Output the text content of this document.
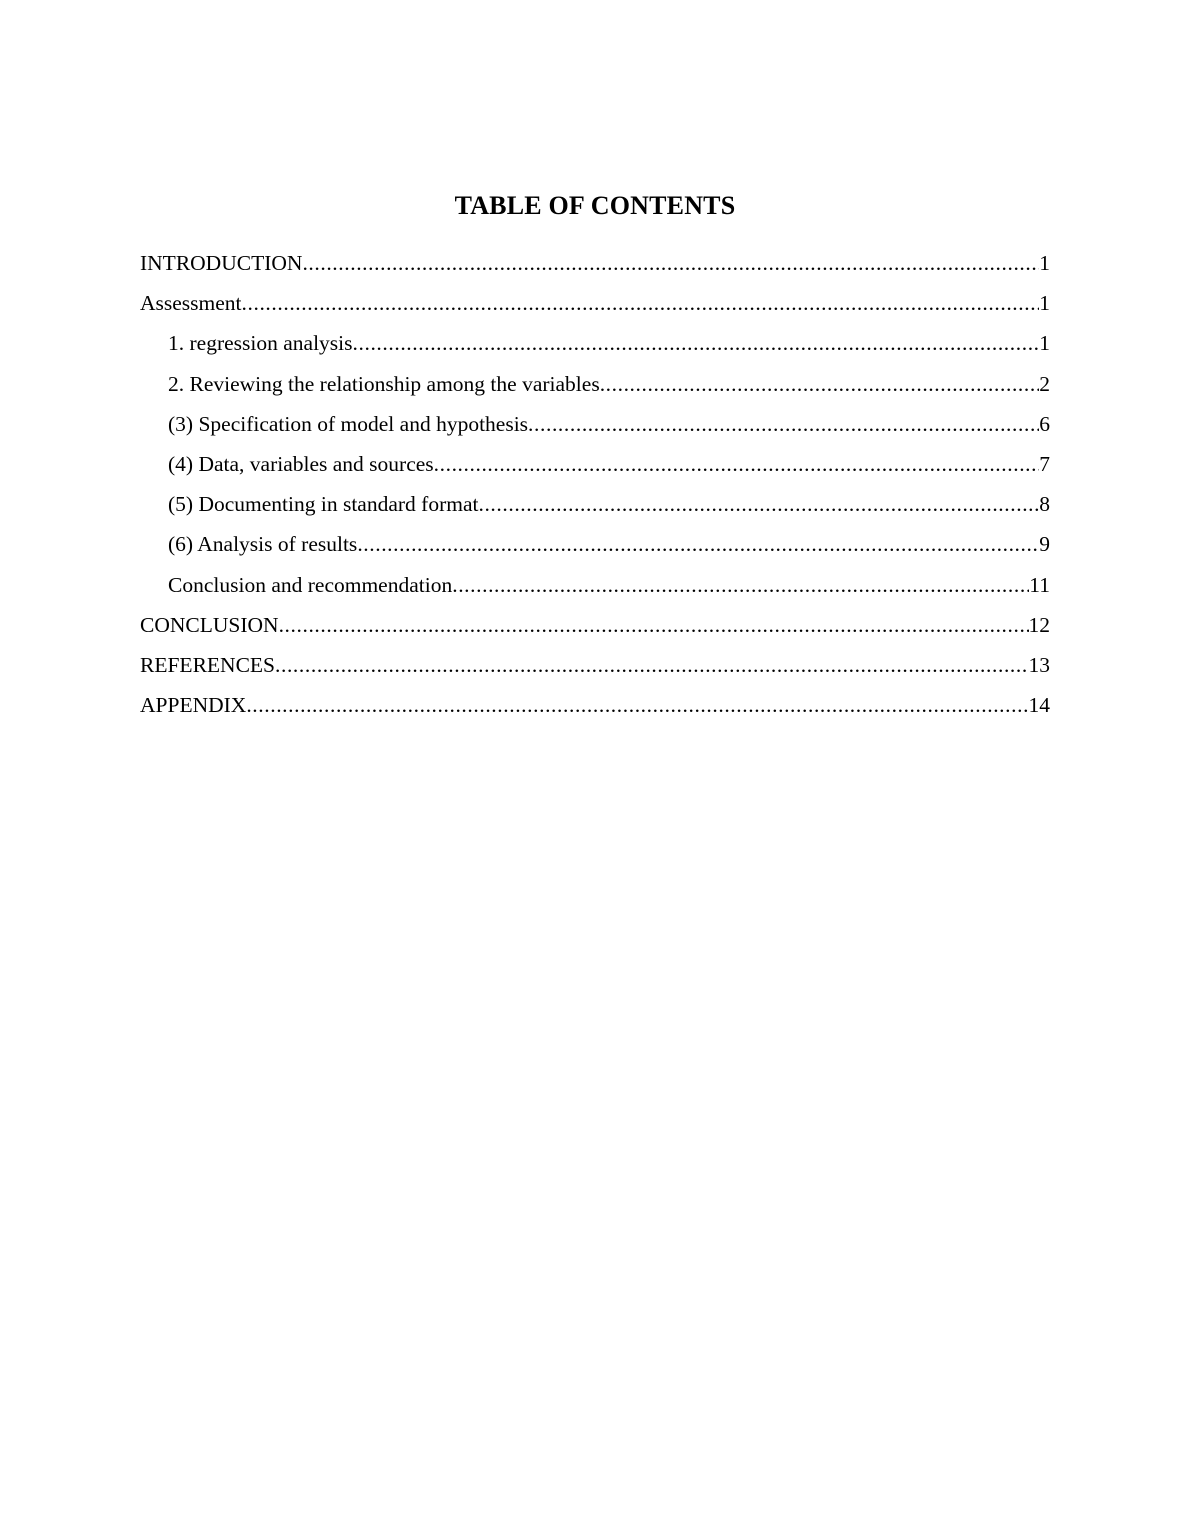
TABLE OF CONTENTS
INTRODUCTION .....	1
Assessment .....	1
1. regression analysis .....	1
2. Reviewing the relationship among the variables .....	2
(3) Specification of model and hypothesis .....	6
(4) Data, variables and sources .....	7
(5) Documenting in standard format .....	8
(6) Analysis of results .....	9
Conclusion and recommendation .....	11
CONCLUSION .....	12
REFERENCES .....	13
APPENDIX .....	14
